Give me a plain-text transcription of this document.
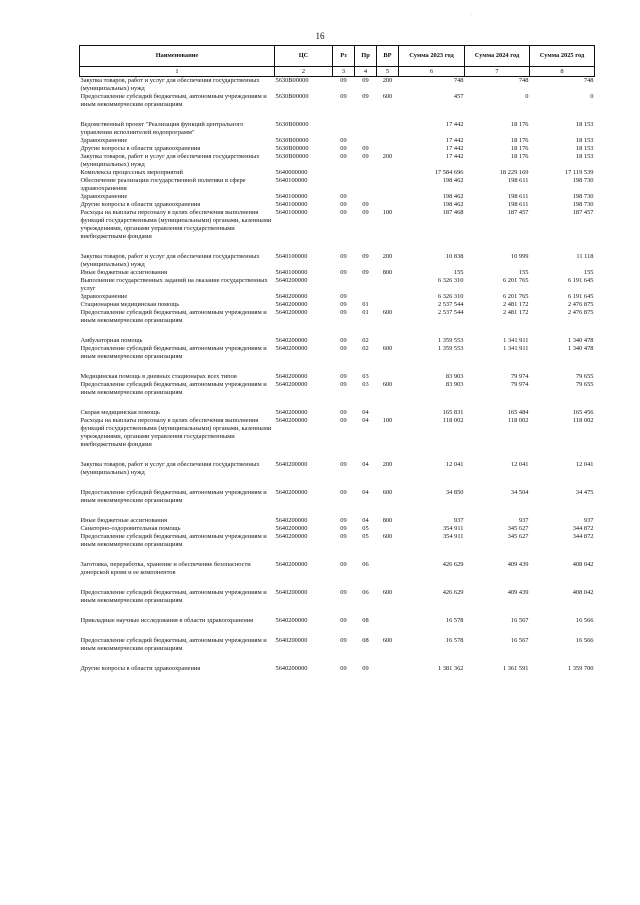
·
16
Наименование	ЦС	Рз	Пр	ВР	Сумма 2023 год	Сумма 2024 год	Сумма 2025 год
1	2	3	4	5	6	7	8
Закупка товаров, работ и услуг для обеспечения государственных (муниципальных) нужд	5630B00000	09	09	200	748	748	748
Предоставление субсидий бюджетным, автономным учреждениям и иным некоммерческим организациям	5630B00000	09	09	600	457	0	0
Ведомственный проект "Реализация функций центрального управления исполнителей водопрограмм"	5630B00000				17 442	18 176	18 153
Здравоохранение	5630B00000	09			17 442	18 176	18 153
Другие вопросы в области здравоохранения	5630B00000	09	09		17 442	18 176	18 153
Закупка товаров, работ и услуг для обеспечения государственных (муниципальных) нужд	5630B00000	09	09	200	17 442	18 176	18 153
Комплексы процессных мероприятий	5640000000				17 584 696	18 229 169	17 119 539
Обеспечение реализации государственной политики в сфере здравоохранения	5640100000				198 462	198 611	198 730
Здравоохранение	5640100000	09			198 462	198 611	198 730
Другие вопросы в области здравоохранения	5640100000	09	09		198 462	198 611	198 730
Расходы на выплаты персоналу в целях обеспечения выполнения функций государственными (муниципальными) органами, казенными учреждениями, органами управления государственными внебюджетными фондами	5640100000	09	09	100	187 468	187 457	187 457
Закупка товаров, работ и услуг для обеспечения государственных (муниципальных) нужд	5640100000	09	09	200	10 838	10 999	11 118
Иные бюджетные ассигнования	5640100000	09	09	800	155	155	155
Выполнение государственных заданий на оказание государственных услуг	5640200000				6 326 310	6 201 765	6 191 645
Здравоохранение	5640200000	09			6 326 310	6 201 765	6 191 645
Стационарная медицинская помощь	5640200000	09	01		2 537 544	2 481 172	2 476 875
Предоставление субсидий бюджетным, автономным учреждениям и иным некоммерческим организациям	5640200000	09	01	600	2 537 544	2 481 172	2 476 875
Амбулаторная помощь	5640200000	09	02		1 359 553	1 341 911	1 340 478
Предоставление субсидий бюджетным, автономным учреждениям и иным некоммерческим организациям	5640200000	09	02	600	1 359 553	1 341 911	1 340 478
Медицинская помощь в дневных стационарах всех типов	5640200000	09	03		83 903	79 974	79 655
Предоставление субсидий бюджетным, автономным учреждениям и иным некоммерческим организациям	5640200000	09	03	600	83 903	79 974	79 655
Скорая медицинская помощь	5640200000	09	04		165 831	165 484	165 456
Расходы на выплаты персоналу в целях обеспечения выполнения функций государственными (муниципальными) органами, казенными учреждениями, органами управления государственными внебюджетными фондами	5640200000	09	04	100	118 002	118 002	118 002
Закупка товаров, работ и услуг для обеспечения государственных (муниципальных) нужд	5640200000	09	04	200	12 041	12 041	12 041
Предоставление субсидий бюджетным, автономным учреждениям и иным некоммерческим организациям	5640200000	09	04	600	34 850	34 504	34 475
Иные бюджетные ассигнования	5640200000	09	04	800	937	937	937
Санаторно-оздоровительная помощь	5640200000	09	05		354 911	345 627	344 872
Предоставление субсидий бюджетным, автономным учреждениям и иным некоммерческим организациям	5640200000	09	05	600	354 911	345 627	344 872
Заготовка, переработка, хранение и обеспечение безопасности донорской крови и ее компонентов	5640200000	09	06		426 629	409 439	408 042
Предоставление субсидий бюджетным, автономным учреждениям и иным некоммерческим организациям	5640200000	09	06	600	426 629	409 439	408 042
Прикладные научные исследования в области здравоохранения	5640200000	09	08		16 578	16 567	16 566
Предоставление субсидий бюджетным, автономным учреждениям и иным некоммерческим организациям	5640200000	09	08	600	16 578	16 567	16 566
Другие вопросы в области здравоохранения	5640200000	09	09		1 381 362	1 361 591	1 359 700
